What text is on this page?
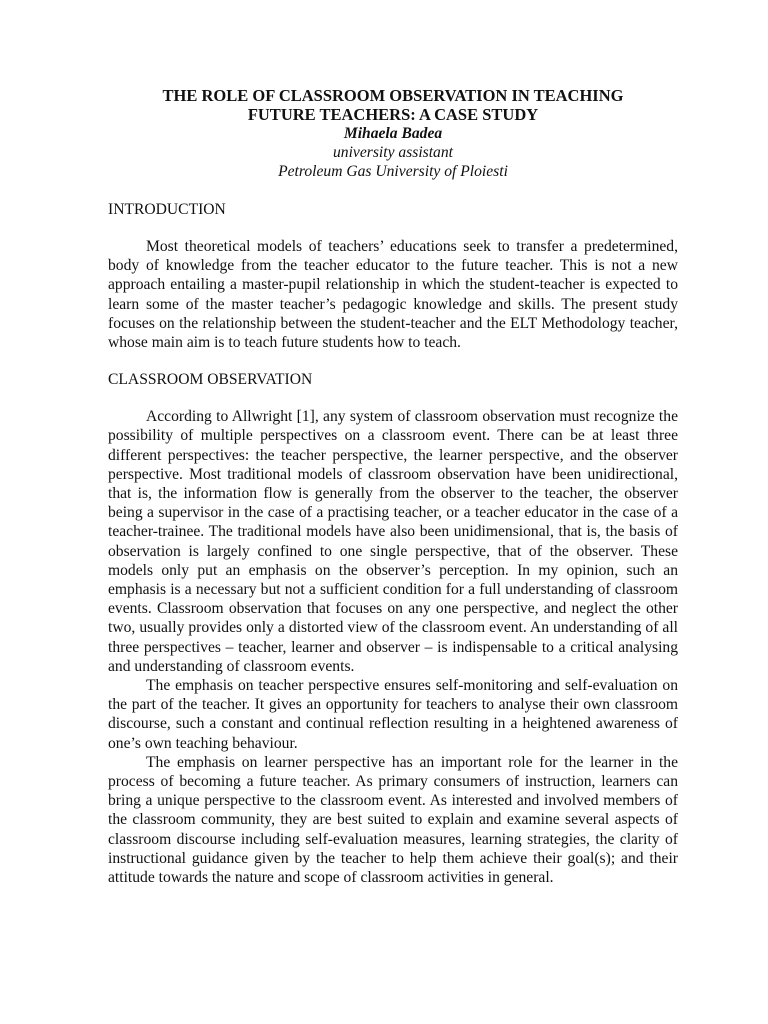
THE ROLE OF CLASSROOM OBSERVATION IN TEACHING

FUTURE TEACHERS: A CASE STUDY

Mihaela Badea

university assistant

Petroleum Gas University of Ploiesti

INTRODUCTION

Most theoretical models of teachers’ educations seek to transfer a predetermined, body of knowledge from the teacher educator to the future teacher. This is not a new approach entailing a master-pupil relationship in which the student-teacher is expected to learn some of the master teacher’s pedagogic knowledge and skills. The present study focuses on the relationship between the student-teacher and the ELT Methodology teacher, whose main aim is to teach future students how to teach.

CLASSROOM OBSERVATION

According to Allwright [1], any system of classroom observation must recognize the possibility of multiple perspectives on a classroom event. There can be at least three different perspectives: the teacher perspective, the learner perspective, and the observer perspective. Most traditional models of classroom observation have been unidirectional, that is, the information flow is generally from the observer to the teacher, the observer being a supervisor in the case of a practising teacher, or a teacher educator in the case of a teacher-trainee. The traditional models have also been unidimensional, that is, the basis of observation is largely confined to one single perspective, that of the observer. These models only put an emphasis on the observer’s perception. In my opinion, such an emphasis is a necessary but not a sufficient condition for a full understanding of classroom events. Classroom observation that focuses on any one perspective, and neglect the other two, usually provides only a distorted view of the classroom event. An understanding of all three perspectives – teacher, learner and observer – is indispensable to a critical analysing and understanding of classroom events.

The emphasis on teacher perspective ensures self-monitoring and self-evaluation on the part of the teacher. It gives an opportunity for teachers to analyse their own classroom discourse, such a constant and continual reflection resulting in a heightened awareness of one’s own teaching behaviour.

The emphasis on learner perspective has an important role for the learner in the process of becoming a future teacher. As primary consumers of instruction, learners can bring a unique perspective to the classroom event. As interested and involved members of the classroom community, they are best suited to explain and examine several aspects of classroom discourse including self-evaluation measures, learning strategies, the clarity of instructional guidance given by the teacher to help them achieve their goal(s); and their attitude towards the nature and scope of classroom activities in general.
